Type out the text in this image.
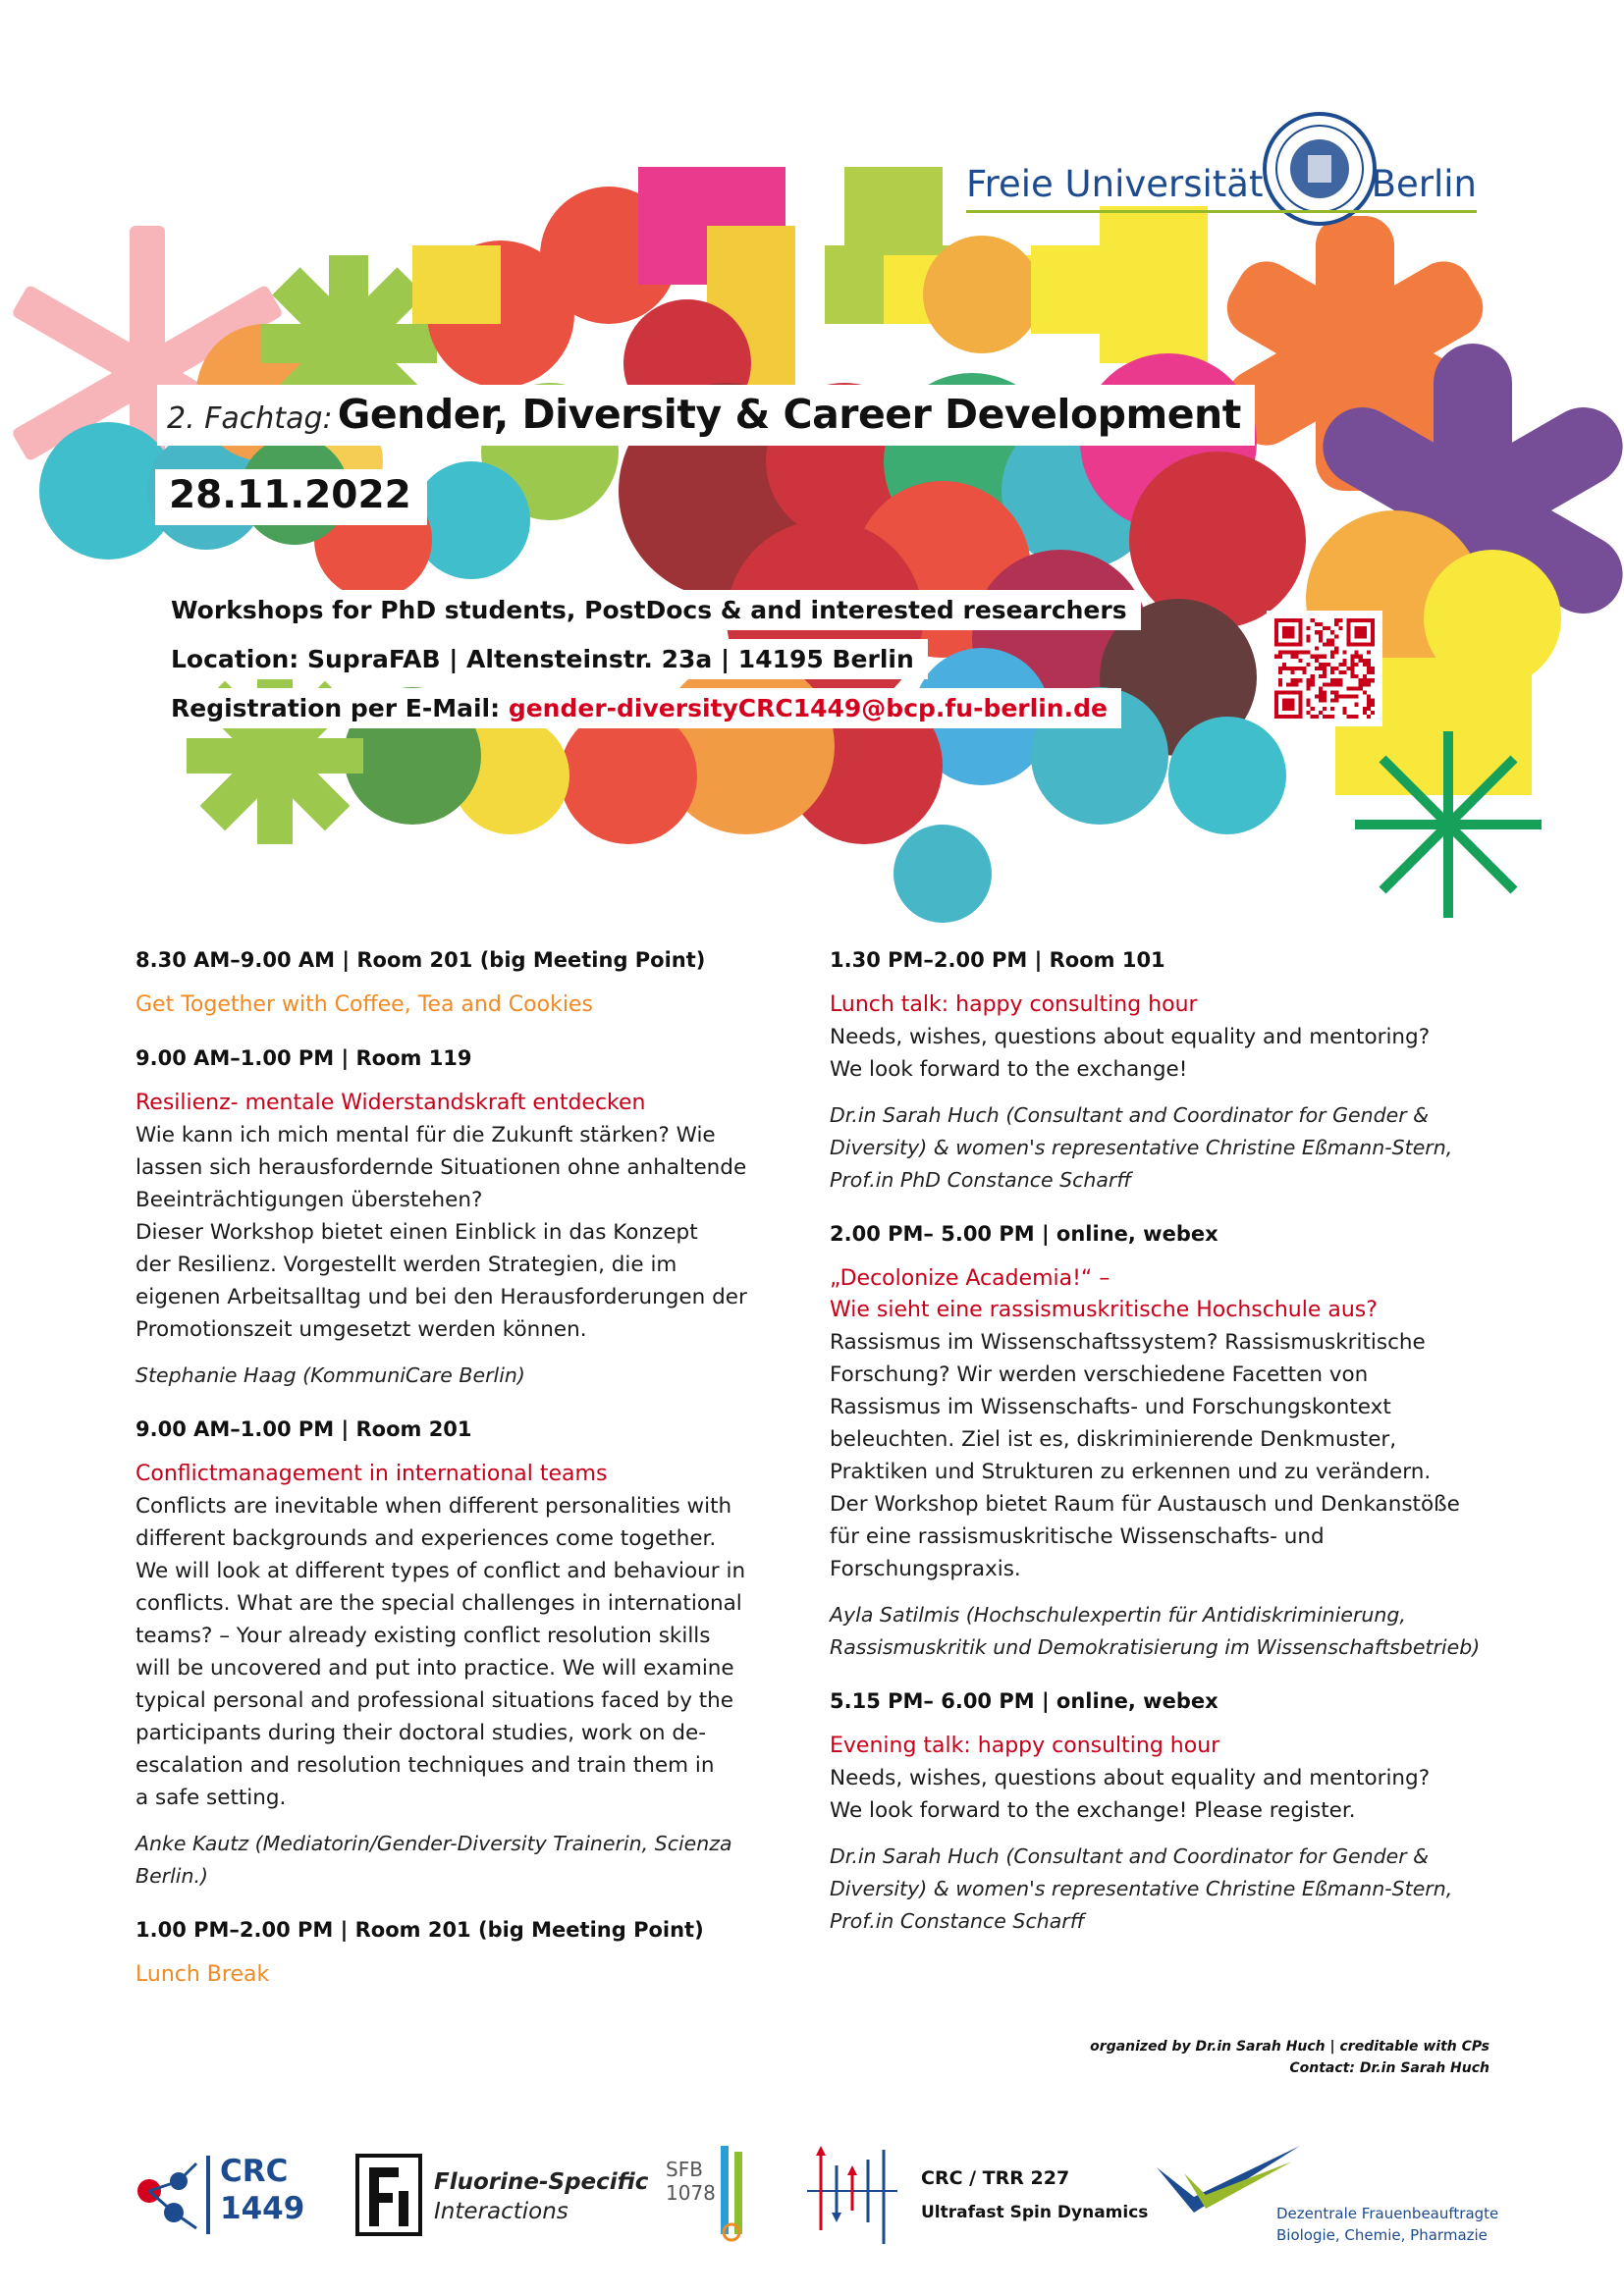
Freie Universität	Berlin
2. Fachtag: Gender, Diversity & Career Development
28.11.2022
Workshops for PhD students, PostDocs & and interested researchers
Location: SupraFAB | Altensteinstr. 23a | 14195 Berlin
Registration per E-Mail: gender-diversityCRC1449@bcp.fu-berlin.de
8.30 AM–9.00 AM | Room 201 (big Meeting Point)
Get Together with Coffee, Tea and Cookies
9.00 AM–1.00 PM | Room 119
Resilienz- mentale Widerstandskraft entdecken
Wie kann ich mich mental für die Zukunft stärken? Wie
lassen sich herausfordernde Situationen ohne anhaltende
Beeinträchtigungen überstehen?
Dieser Workshop bietet einen Einblick in das Konzept
der Resilienz. Vorgestellt werden Strategien, die im
eigenen Arbeitsalltag und bei den Herausforderungen der
Promotionszeit umgesetzt werden können.
Stephanie Haag (KommuniCare Berlin)
9.00 AM–1.00 PM | Room 201
Conflictmanagement in international teams
Conflicts are inevitable when different personalities with
different backgrounds and experiences come together.
We will look at different types of conflict and behaviour in
conflicts. What are the special challenges in international
teams? – Your already existing conflict resolution skills
will be uncovered and put into practice. We will examine
typical personal and professional situations faced by the
participants during their doctoral studies, work on de-
escalation and resolution techniques and train them in
a safe setting.
Anke Kautz (Mediatorin/Gender-Diversity Trainerin, Scienza
Berlin.)
1.00 PM–2.00 PM | Room 201 (big Meeting Point)
Lunch Break
1.30 PM–2.00 PM | Room 101
Lunch talk: happy consulting hour
Needs, wishes, questions about equality and mentoring?
We look forward to the exchange!
Dr.in Sarah Huch (Consultant and Coordinator for Gender &
Diversity) & women's representative Christine Eßmann-Stern,
Prof.in PhD Constance Scharff
2.00 PM– 5.00 PM | online, webex
„Decolonize Academia!“ –
Wie sieht eine rassismuskritische Hochschule aus?
Rassismus im Wissenschaftssystem? Rassismuskritische
Forschung? Wir werden verschiedene Facetten von
Rassismus im Wissenschafts- und Forschungskontext
beleuchten. Ziel ist es, diskriminierende Denkmuster,
Praktiken und Strukturen zu erkennen und zu verändern.
Der Workshop bietet Raum für Austausch und Denkanstöße
für eine rassismuskritische Wissenschafts- und
Forschungspraxis.
Ayla Satilmis (Hochschulexpertin für Antidiskriminierung,
Rassismuskritik und Demokratisierung im Wissenschaftsbetrieb)
5.15 PM– 6.00 PM | online, webex
Evening talk: happy consulting hour
Needs, wishes, questions about equality and mentoring?
We look forward to the exchange! Please register.
Dr.in Sarah Huch (Consultant and Coordinator for Gender &
Diversity) & women's representative Christine Eßmann-Stern,
Prof.in Constance Scharff
organized by Dr.in Sarah Huch | creditable with CPs
Contact: Dr.in Sarah Huch
CRC
1449
Fluorine-Specific
Interactions
SFB
1078
CRC / TRR 227
Ultrafast Spin Dynamics	Dezentrale Frauenbeauftragte
Biologie, Chemie, Pharmazie
